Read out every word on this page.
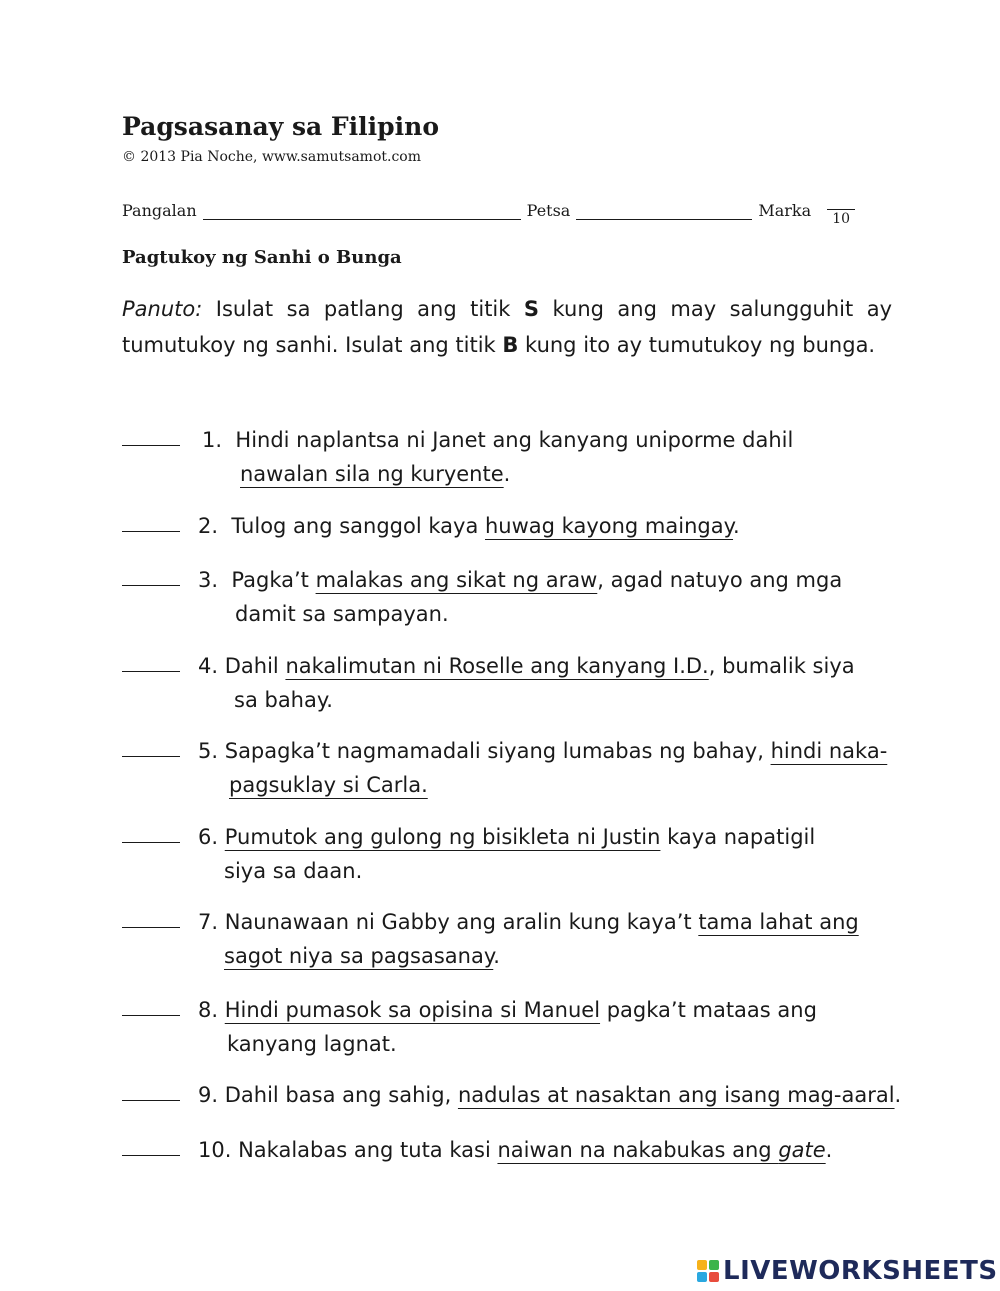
Pagsasanay sa Filipino
© 2013 Pia Noche, www.samutsamot.com
Pangalan	Petsa	Marka 10
Pagtukoy ng Sanhi o Bunga
Panuto: Isulat sa patlang ang titik S kung ang may salungguhit ay tumutukoy ng sanhi. Isulat ang titik B kung ito ay tumutukoy ng bunga.
1. Hindi naplantsa ni Janet ang kanyang uniporme dahil
nawalan sila ng kuryente.
2. Tulog ang sanggol kaya huwag kayong maingay.
3. Pagka’t malakas ang sikat ng araw, agad natuyo ang mga
damit sa sampayan.
4. Dahil nakalimutan ni Roselle ang kanyang I.D., bumalik siya
sa bahay.
5. Sapagka’t nagmamadali siyang lumabas ng bahay, hindi naka-
pagsuklay si Carla.
6. Pumutok ang gulong ng bisikleta ni Justin kaya napatigil
siya sa daan.
7. Naunawaan ni Gabby ang aralin kung kaya’t tama lahat ang
sagot niya sa pagsasanay.
8. Hindi pumasok sa opisina si Manuel pagka’t mataas ang
kanyang lagnat.
9. Dahil basa ang sahig, nadulas at nasaktan ang isang mag-aaral.
10. Nakalabas ang tuta kasi naiwan na nakabukas ang gate.
LIVEWORKSHEETS
